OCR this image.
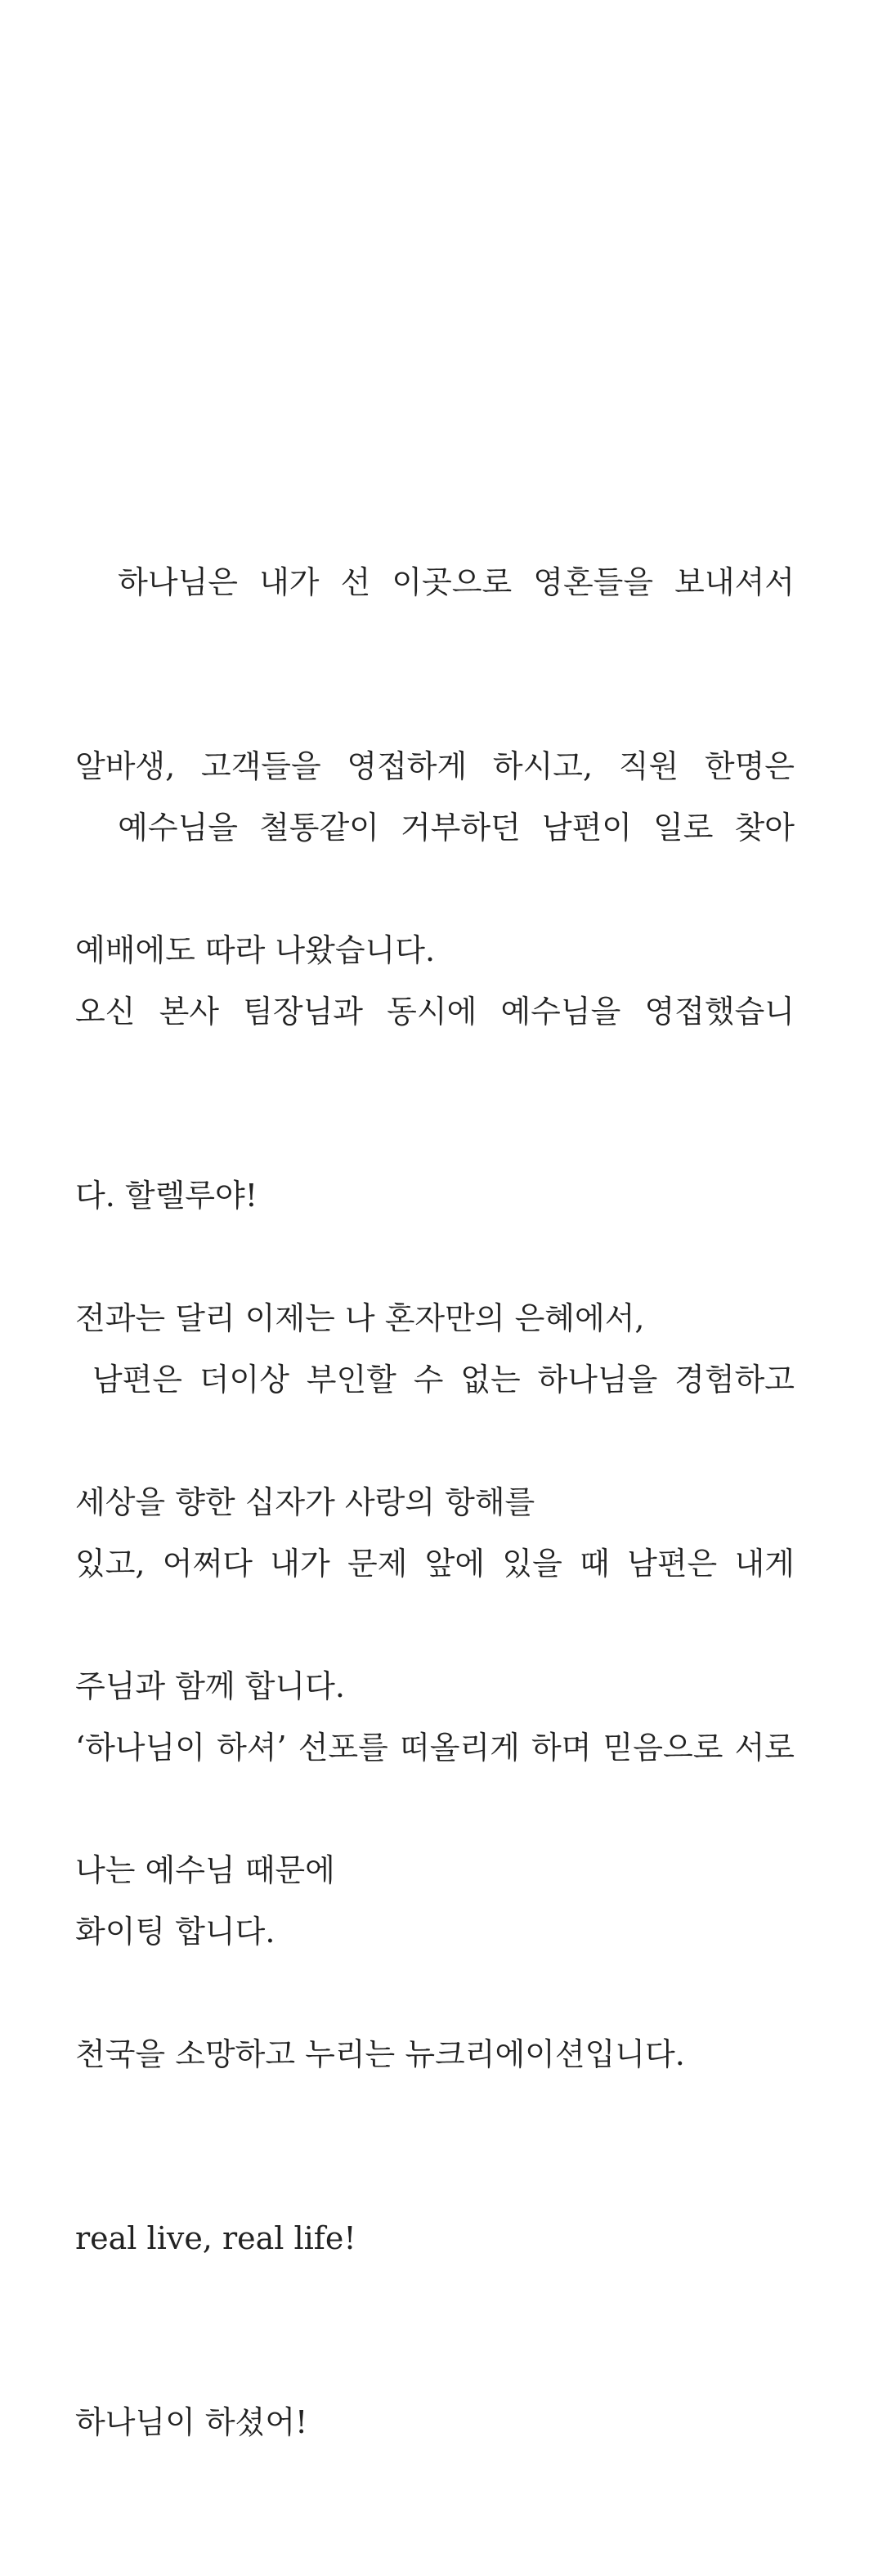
하나님은 내가 선 이곳으로 영혼들을 보내셔서

알바생, 고객들을 영접하게 하시고, 직원 한명은

예배에도 따라 나왔습니다.

예수님을 철통같이 거부하던 남편이 일로 찾아

오신 본사 팀장님과 동시에 예수님을 영접했습니

다. 할렐루야!

남편은 더이상 부인할 수 없는 하나님을 경험하고

있고, 어쩌다 내가 문제 앞에 있을 때 남편은 내게

‘하나님이 하셔’ 선포를 떠올리게 하며 믿음으로 서로

화이팅 합니다.

전과는 달리 이제는 나 혼자만의 은혜에서,

세상을 향한 십자가 사랑의 항해를

주님과 함께 합니다.

나는 예수님 때문에

천국을 소망하고 누리는 뉴크리에이션입니다.

real live, real life!

하나님이 하셨어!
